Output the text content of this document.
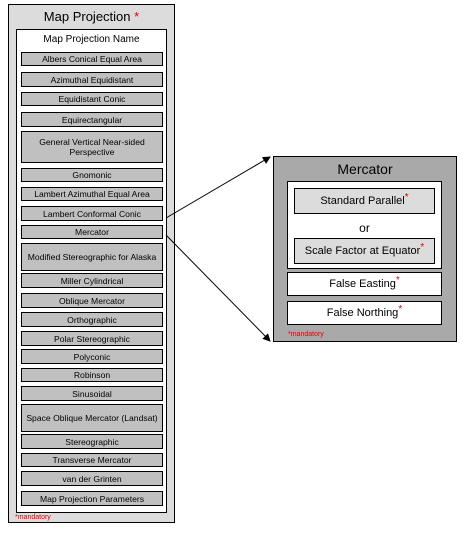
Map Projection *
Map Projection Name
Albers Conical Equal Area
Azimuthal Equidistant
Equidistant Conic
Equirectangular
General Vertical Near-sided Perspective
Gnomonic
Lambert Azimuthal Equal Area
Lambert Conformal Conic
Mercator
Modified Stereographic for Alaska
Miller Cylindrical
Oblique Mercator
Orthographic
Polar Stereographic
Polyconic
Robinson
Sinusoidal
Space Oblique Mercator (Landsat)
Stereographic
Transverse Mercator
van der Grinten
Map Projection Parameters
*mandatory
Mercator
Standard Parallel *
or
Scale Factor at Equator *
False Easting *
False Northing *
*mandatory
